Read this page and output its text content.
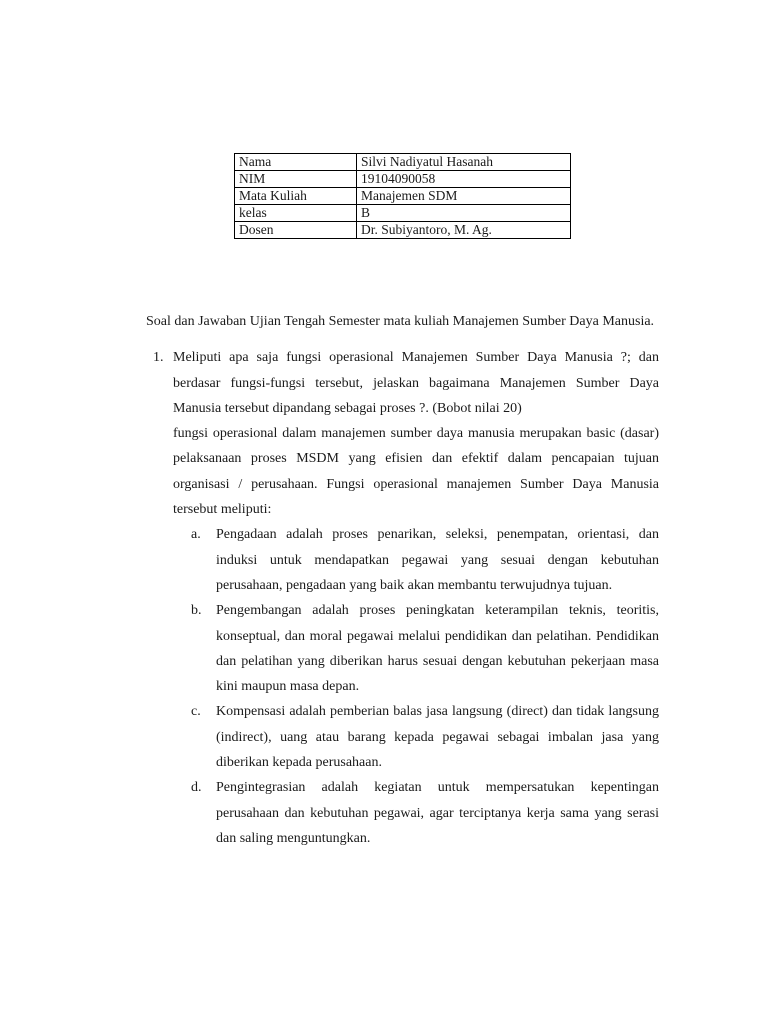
Nama	Silvi Nadiyatul Hasanah
NIM	19104090058
Mata Kuliah	Manajemen SDM
kelas	B
Dosen	Dr. Subiyantoro, M. Ag.

Soal dan Jawaban Ujian Tengah Semester mata kuliah Manajemen Sumber Daya Manusia.

1. Meliputi apa saja fungsi operasional Manajemen Sumber Daya Manusia ?; dan berdasar fungsi-fungsi tersebut, jelaskan bagaimana Manajemen Sumber Daya Manusia tersebut dipandang sebagai proses ?. (Bobot nilai 20)

fungsi operasional dalam manajemen sumber daya manusia merupakan basic (dasar) pelaksanaan proses MSDM yang efisien dan efektif dalam pencapaian tujuan organisasi / perusahaan. Fungsi operasional manajemen Sumber Daya Manusia tersebut meliputi:

a. Pengadaan adalah proses penarikan, seleksi, penempatan, orientasi, dan induksi untuk mendapatkan pegawai yang sesuai dengan kebutuhan perusahaan, pengadaan yang baik akan membantu terwujudnya tujuan.

b. Pengembangan adalah proses peningkatan keterampilan teknis, teoritis, konseptual, dan moral pegawai melalui pendidikan dan pelatihan. Pendidikan dan pelatihan yang diberikan harus sesuai dengan kebutuhan pekerjaan masa kini maupun masa depan.

c. Kompensasi adalah pemberian balas jasa langsung (direct) dan tidak langsung (indirect), uang atau barang kepada pegawai sebagai imbalan jasa yang diberikan kepada perusahaan.

d. Pengintegrasian adalah kegiatan untuk mempersatukan kepentingan perusahaan dan kebutuhan pegawai, agar terciptanya kerja sama yang serasi dan saling menguntungkan.
